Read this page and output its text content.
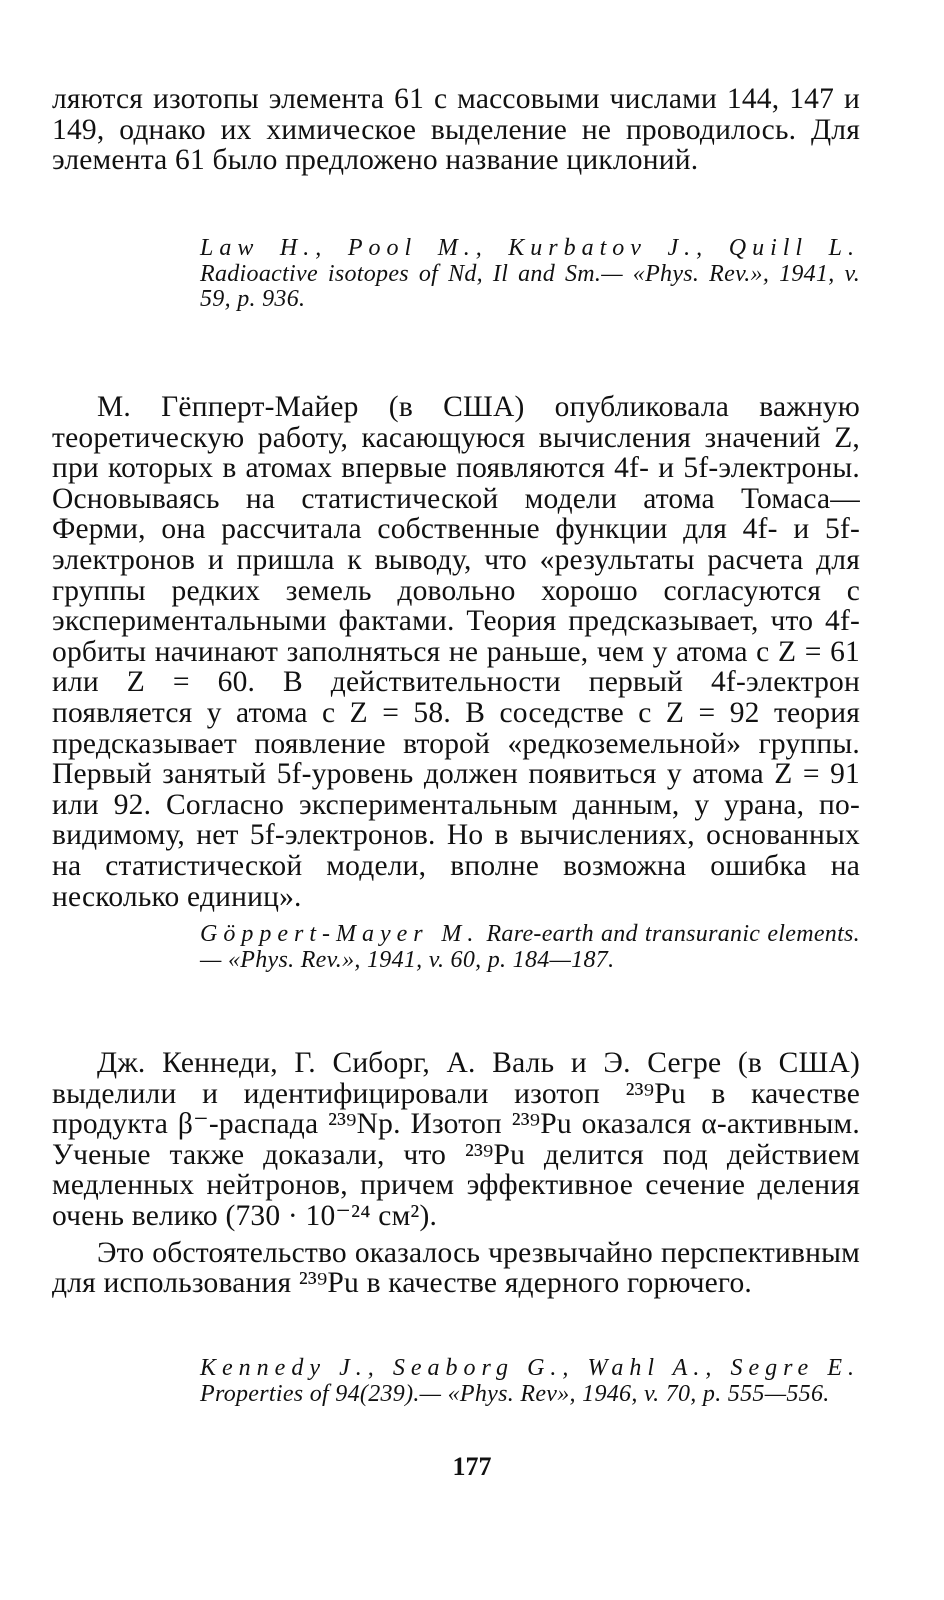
ляются изотопы элемента 61 с массовыми числами 144, 147 и 149, однако их химическое выделение не проводилось. Для элемента 61 было предложено название циклоний.

Law H., Pool M., Kurbatov J., Quill L. Radioactive isotopes of Nd, Il and Sm.— «Phys. Rev.», 1941, v. 59, p. 936.

М. Гёпперт-Майер (в США) опубликовала важную теоретическую работу, касающуюся вычисления значений Z, при которых в атомах впервые появляются 4f- и 5f-электроны. Основываясь на статистической модели атома Томаса—Ферми, она рассчитала собственные функции для 4f- и 5f-электронов и пришла к выводу, что «результаты расчета для группы редких земель довольно хорошо согласуются с экспериментальными фактами. Теория предсказывает, что 4f-орбиты начинают заполняться не раньше, чем у атома с Z = 61 или Z = 60. В действительности первый 4f-электрон появляется у атома с Z = 58. В соседстве с Z = 92 теория предсказывает появление второй «редкоземельной» группы. Первый занятый 5f-уровень должен появиться у атома Z = 91 или 92. Согласно экспериментальным данным, у урана, по-видимому, нет 5f-электронов. Но в вычислениях, основанных на статистической модели, вполне возможна ошибка на несколько единиц».

Göppert-Mayer M. Rare-earth and transuranic elements.— «Phys. Rev.», 1941, v. 60, p. 184—187.

Дж. Кеннеди, Г. Сиборг, А. Валь и Э. Сегре (в США) выделили и идентифицировали изотоп ²³⁹Pu в качестве продукта β⁻-распада ²³⁹Np. Изотоп ²³⁹Pu оказался α-активным. Ученые также доказали, что ²³⁹Pu делится под действием медленных нейтронов, причем эффективное сечение деления очень велико (730 · 10⁻²⁴ см²).

Это обстоятельство оказалось чрезвычайно перспективным для использования ²³⁹Pu в качестве ядерного горючего.

Kennedy J., Seaborg G., Wahl A., Segre E. Properties of 94(239).— «Phys. Rev», 1946, v. 70, p. 555—556.

177
